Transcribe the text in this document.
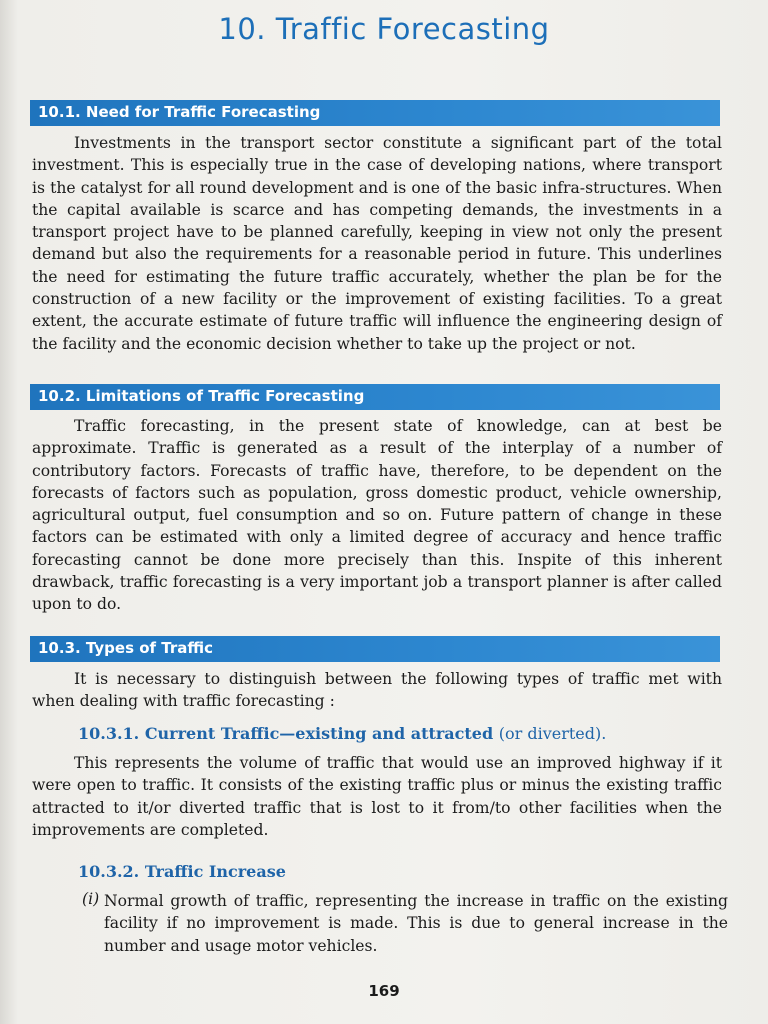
10. Traffic Forecasting
10.1. Need for Traffic Forecasting

Investments in the transport sector constitute a significant part of the total investment. This is especially true in the case of developing nations, where transport is the catalyst for all round development and is one of the basic infra-structures. When the capital available is scarce and has competing demands, the investments in a transport project have to be planned carefully, keeping in view not only the present demand but also the requirements for a reasonable period in future. This underlines the need for estimating the future traffic accurately, whether the plan be for the construction of a new facility or the improvement of existing facilities. To a great extent, the accurate estimate of future traffic will influence the engineering design of the facility and the economic decision whether to take up the project or not.

10.2. Limitations of Traffic Forecasting

Traffic forecasting, in the present state of knowledge, can at best be approximate. Traffic is generated as a result of the interplay of a number of contributory factors. Forecasts of traffic have, therefore, to be dependent on the forecasts of factors such as population, gross domestic product, vehicle ownership, agricultural output, fuel consumption and so on. Future pattern of change in these factors can be estimated with only a limited degree of accuracy and hence traffic forecasting cannot be done more precisely than this. Inspite of this inherent drawback, traffic forecasting is a very important job a transport planner is after called upon to do.

10.3. Types of Traffic

It is necessary to distinguish between the following types of traffic met with when dealing with traffic forecasting :

10.3.1. Current Traffic—existing and attracted (or diverted).

This represents the volume of traffic that would use an improved highway if it were open to traffic. It consists of the existing traffic plus or minus the existing traffic attracted to it/or diverted traffic that is lost to it from/to other facilities when the improvements are completed.

10.3.2. Traffic Increase
(i) Normal growth of traffic, representing the increase in traffic on the existing facility if no improvement is made. This is due to general increase in the number and usage motor vehicles.

169
